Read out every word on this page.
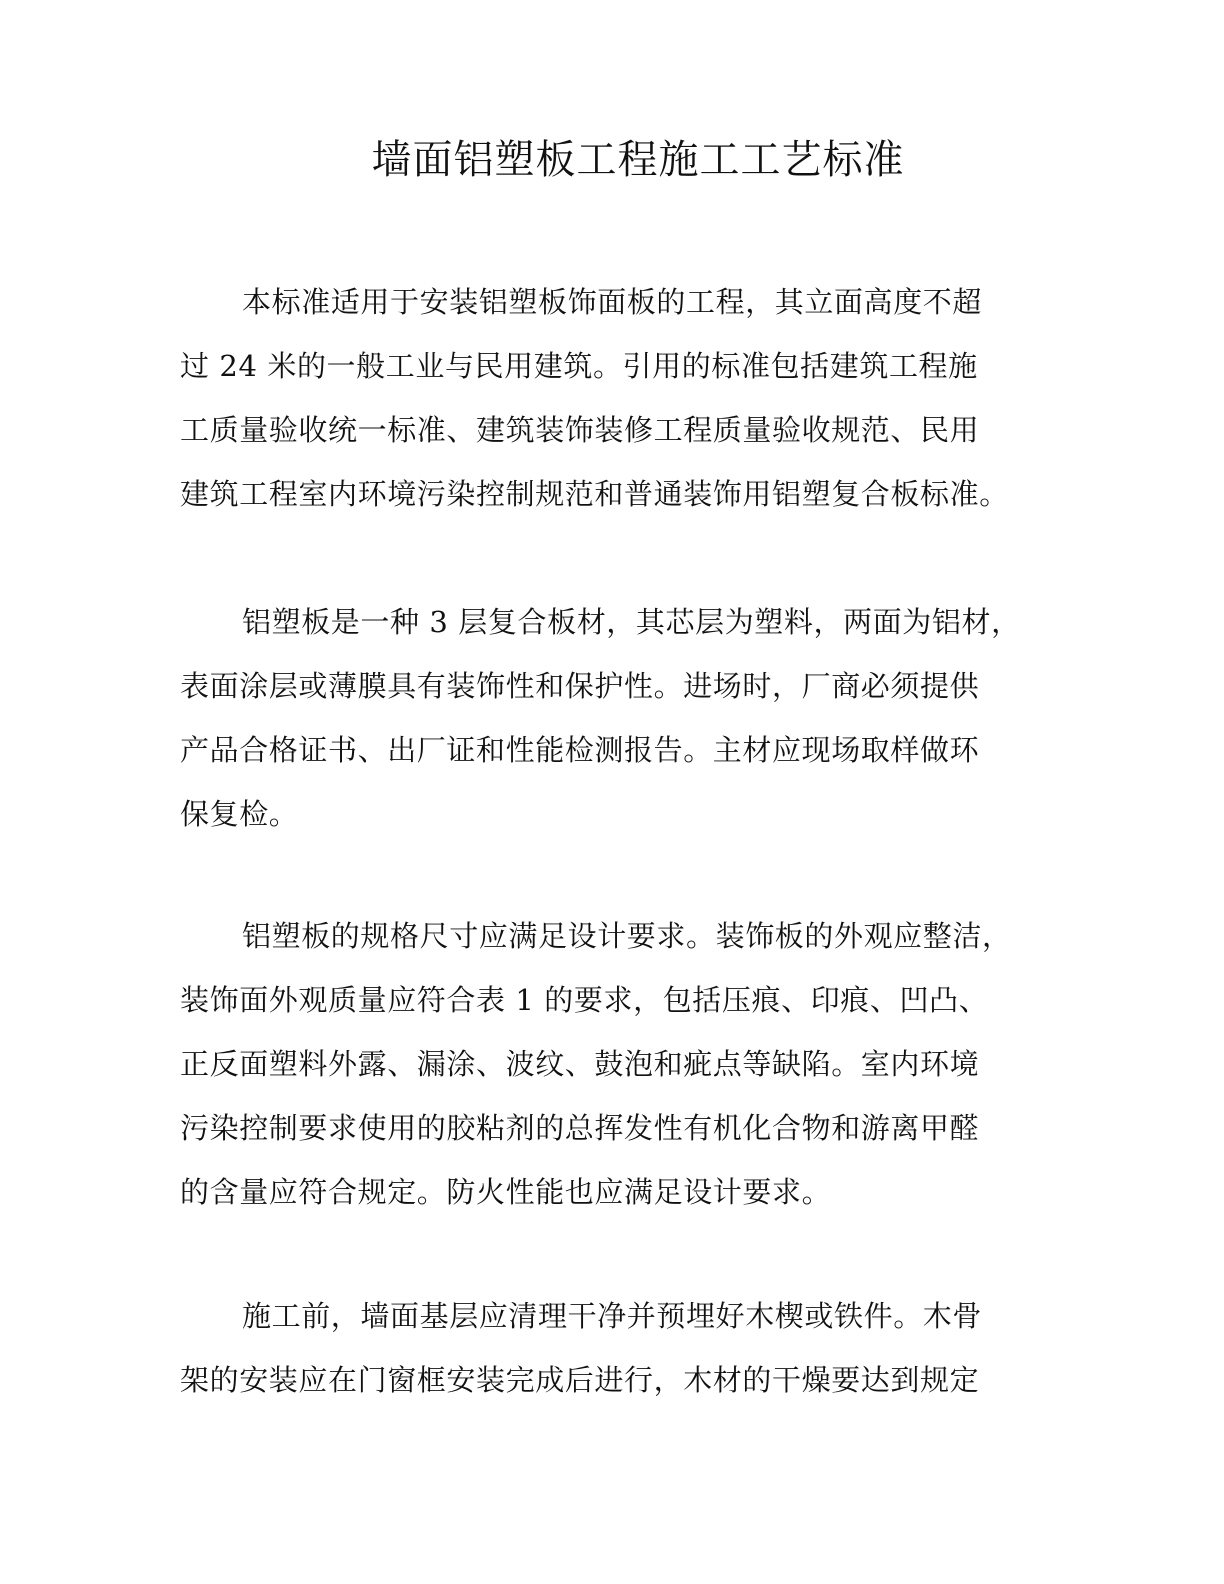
墙面铝塑板工程施工工艺标准
本标准适用于安装铝塑板饰面板的工程，其立面高度不超
过 24 米的一般工业与民用建筑。引用的标准包括建筑工程施
工质量验收统一标准、建筑装饰装修工程质量验收规范、民用
建筑工程室内环境污染控制规范和普通装饰用铝塑复合板标准。
铝塑板是一种 3 层复合板材，其芯层为塑料，两面为铝材，
表面涂层或薄膜具有装饰性和保护性。进场时，厂商必须提供
产品合格证书、出厂证和性能检测报告。主材应现场取样做环
保复检。
铝塑板的规格尺寸应满足设计要求。装饰板的外观应整洁，
装饰面外观质量应符合表 1 的要求，包括压痕、印痕、凹凸、
正反面塑料外露、漏涂、波纹、鼓泡和疵点等缺陷。室内环境
污染控制要求使用的胶粘剂的总挥发性有机化合物和游离甲醛
的含量应符合规定。防火性能也应满足设计要求。
施工前，墙面基层应清理干净并预埋好木楔或铁件。木骨
架的安装应在门窗框安装完成后进行，木材的干燥要达到规定
